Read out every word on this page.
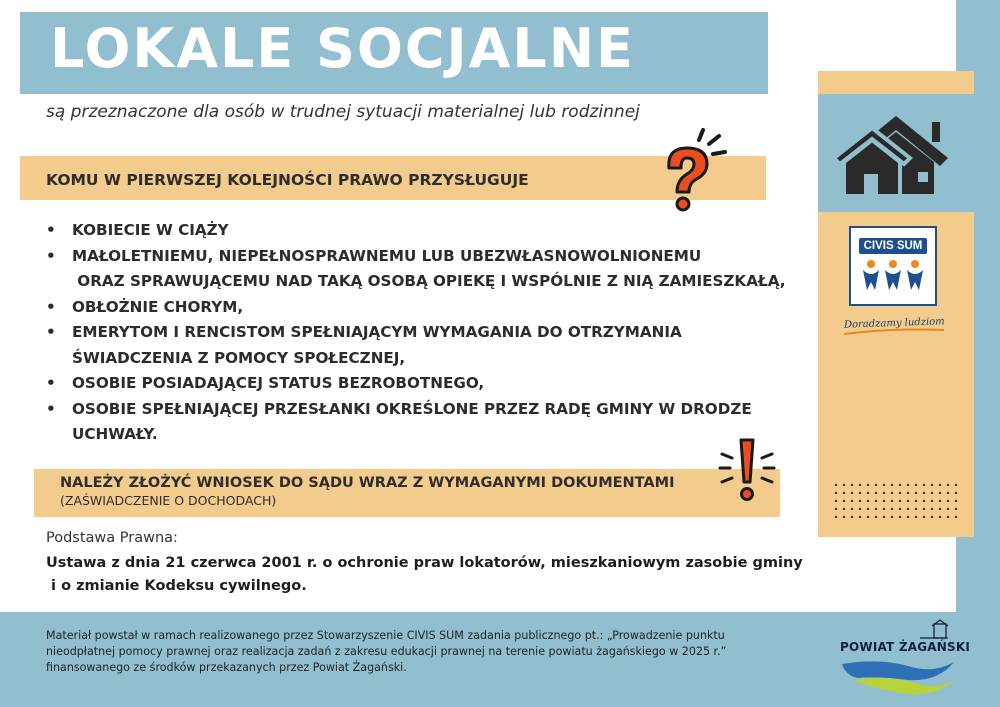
LOKALE SOCJALNE
są przeznaczone dla osób w trudnej sytuacji materialnej lub rodzinnej
CIVIS SUM
Doradzamy ludziom
KOMU W PIERWSZEJ KOLEJNOŚCI PRAWO PRZYSŁUGUJE
•	KOBIECIE W CIĄŻY
•	MAŁOLETNIEMU, NIEPEŁNOSPRAWNEMU LUB UBEZWŁASNOWOLNIONEMU
ORAZ SPRAWUJĄCEMU NAD TAKĄ OSOBĄ OPIEKĘ I WSPÓLNIE Z NIĄ ZAMIESZKAŁĄ,
•	OBŁOŻNIE CHORYM,
•	EMERYTOM I RENCISTOM SPEŁNIAJĄCYM WYMAGANIA DO OTRZYMANIA
ŚWIADCZENIA Z POMOCY SPOŁECZNEJ,
•	OSOBIE POSIADAJĄCEJ STATUS BEZROBOTNEGO,
•	OSOBIE SPEŁNIAJĄCEJ PRZESŁANKI OKREŚLONE PRZEZ RADĘ GMINY W DRODZE
UCHWAŁY.
NALEŻY ZŁOŻYĆ WNIOSEK DO SĄDU WRAZ Z WYMAGANYMI DOKUMENTAMI
(ZAŚWIADCZENIE O DOCHODACH)
Podstawa Prawna:
Ustawa z dnia 21 czerwca 2001 r. o ochronie praw lokatorów, mieszkaniowym zasobie gminy
i o zmianie Kodeksu cywilnego.
Materiał powstał w ramach realizowanego przez Stowarzyszenie CIVIS SUM zadania publicznego pt.: „Prowadzenie punktu
nieodpłatnej pomocy prawnej oraz realizacja zadań z zakresu edukacji prawnej na terenie powiatu żagańskiego w 2025 r.”
finansowanego ze środków przekazanych przez Powiat Żagański.
POWIAT ŻAGAŃSKI
